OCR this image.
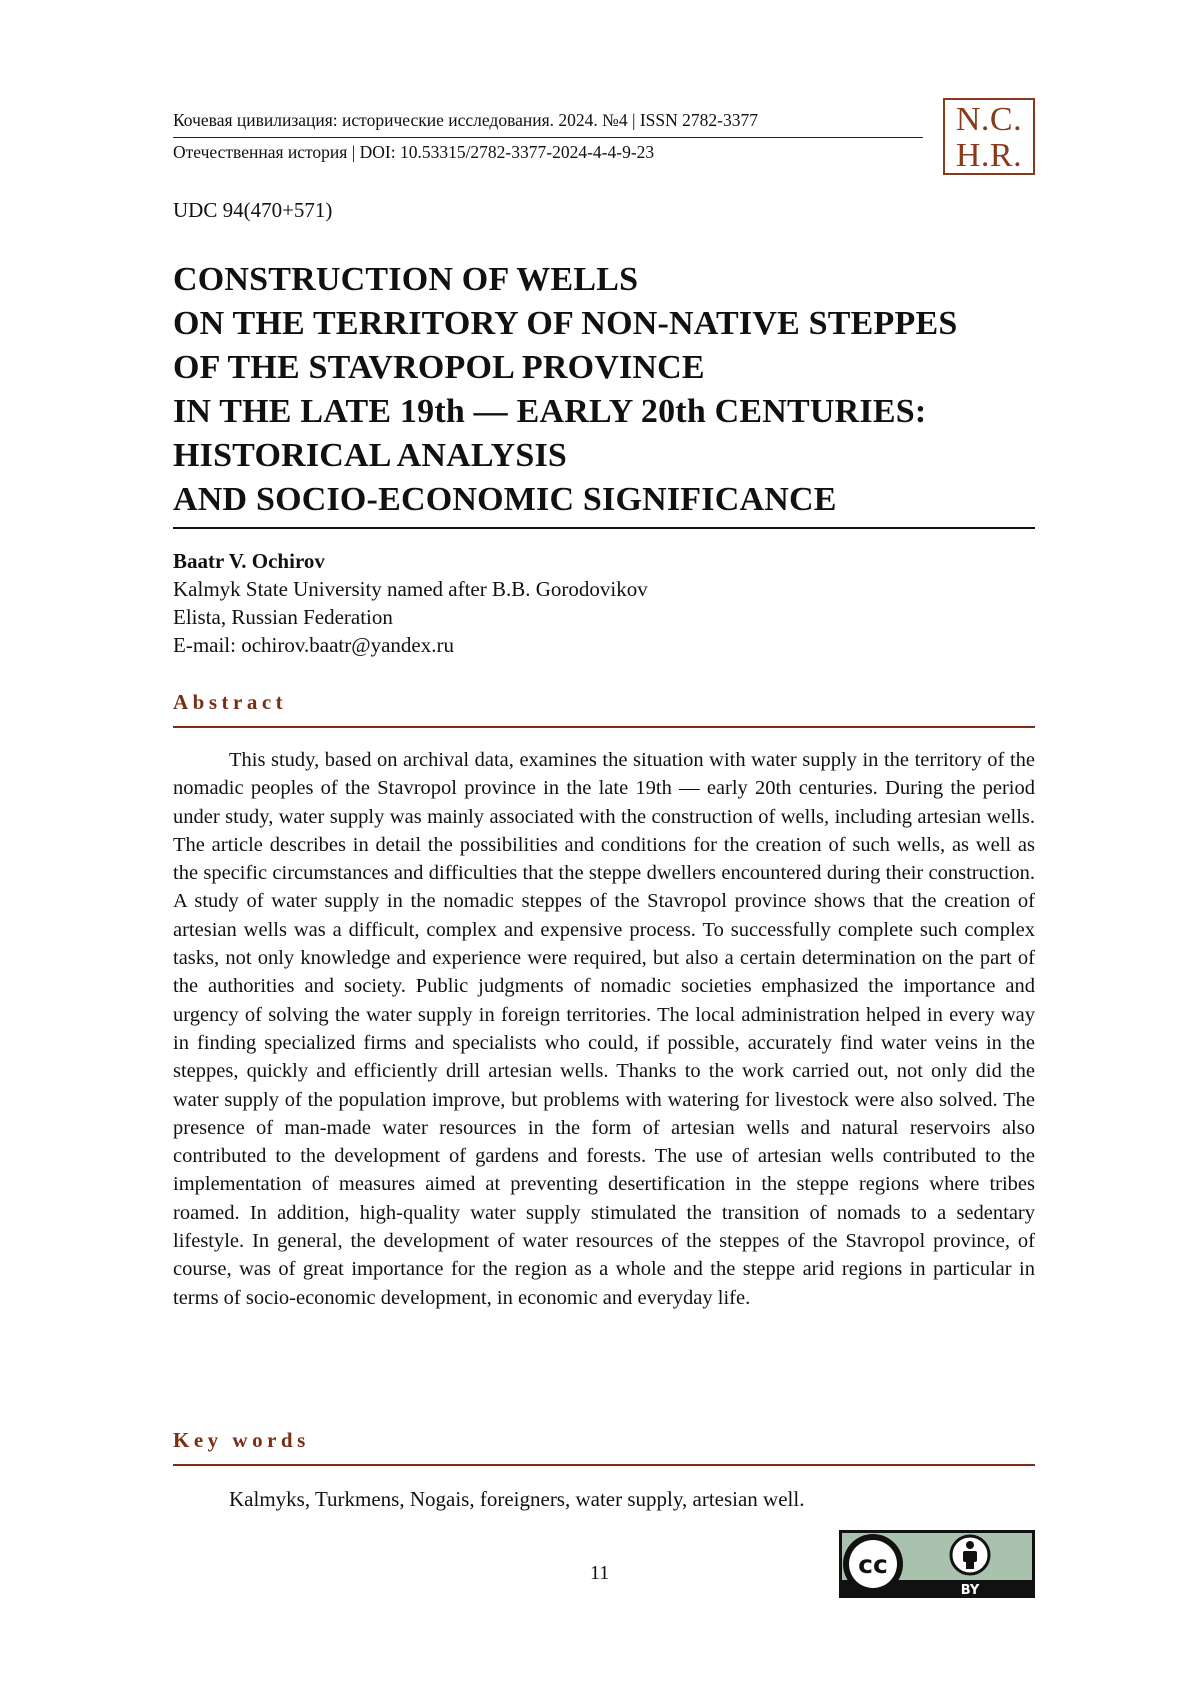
Кочевая цивилизация: исторические исследования. 2024. №4 | ISSN 2782-3377
Отечественная история | DOI: 10.53315/2782-3377-2024-4-4-9-23
N.C.
H.R.
UDC 94(470+571)
CONSTRUCTION OF WELLS
ON THE TERRITORY OF NON-NATIVE STEPPES
OF THE STAVROPOL PROVINCE
IN THE LATE 19th — EARLY 20th CENTURIES:
HISTORICAL ANALYSIS
AND SOCIO-ECONOMIC SIGNIFICANCE
Baatr V. Ochirov
Kalmyk State University named after B.B. Gorodovikov
Elista, Russian Federation
E-mail: ochirov.baatr@yandex.ru
Abstract
This study, based on archival data, examines the situation with water supply in the territory of the nomadic peoples of the Stavropol province in the late 19th — early 20th centuries. During the period under study, water supply was mainly associated with the construction of wells, including artesian wells. The article describes in detail the possibilities and conditions for the creation of such wells, as well as the specific circumstances and difficulties that the steppe dwellers encountered during their construction. A study of water supply in the nomadic steppes of the Stavropol province shows that the creation of artesian wells was a difficult, complex and expensive process. To successfully complete such complex tasks, not only knowledge and experience were required, but also a certain determination on the part of the authorities and society. Public judgments of nomadic societies emphasized the importance and urgency of solving the water supply in foreign territories. The local administration helped in every way in finding specialized firms and specialists who could, if possible, accurately find water veins in the steppes, quickly and efficiently drill artesian wells. Thanks to the work carried out, not only did the water supply of the population improve, but problems with watering for livestock were also solved. The presence of man-made water resources in the form of artesian wells and natural reservoirs also contributed to the development of gardens and forests. The use of artesian wells contributed to the implementation of measures aimed at preventing desertification in the steppe regions where tribes roamed. In addition, high-quality water supply stimulated the transition of nomads to a sedentary lifestyle. In general, the development of water resources of the steppes of the Stavropol province, of course, was of great importance for the region as a whole and the steppe arid regions in particular in terms of socio-economic development, in economic and everyday life.
Key words
Kalmyks, Turkmens, Nogais, foreigners, water supply, artesian well.
11	cc
BY
